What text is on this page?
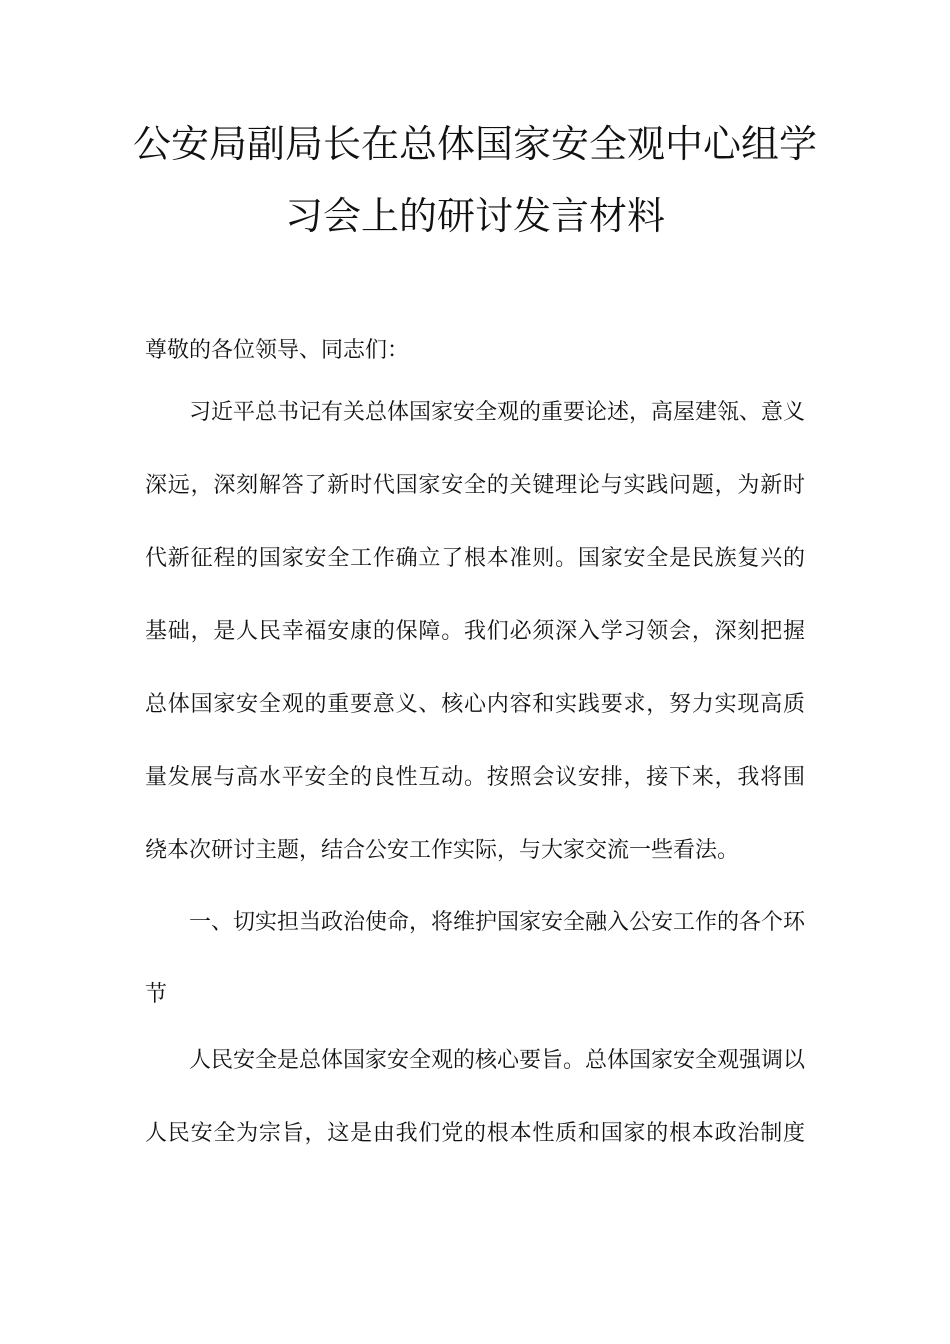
公安局副局长在总体国家安全观中心组学
习会上的研讨发言材料
尊敬的各位领导、同志们：
习近平总书记有关总体国家安全观的重要论述，高屋建瓴、意义
深远，深刻解答了新时代国家安全的关键理论与实践问题，为新时
代新征程的国家安全工作确立了根本准则。国家安全是民族复兴的
基础，是人民幸福安康的保障。我们必须深入学习领会，深刻把握
总体国家安全观的重要意义、核心内容和实践要求，努力实现高质
量发展与高水平安全的良性互动。按照会议安排，接下来，我将围
绕本次研讨主题，结合公安工作实际，与大家交流一些看法。
一、切实担当政治使命，将维护国家安全融入公安工作的各个环
节
人民安全是总体国家安全观的核心要旨。总体国家安全观强调以
人民安全为宗旨，这是由我们党的根本性质和国家的根本政治制度
